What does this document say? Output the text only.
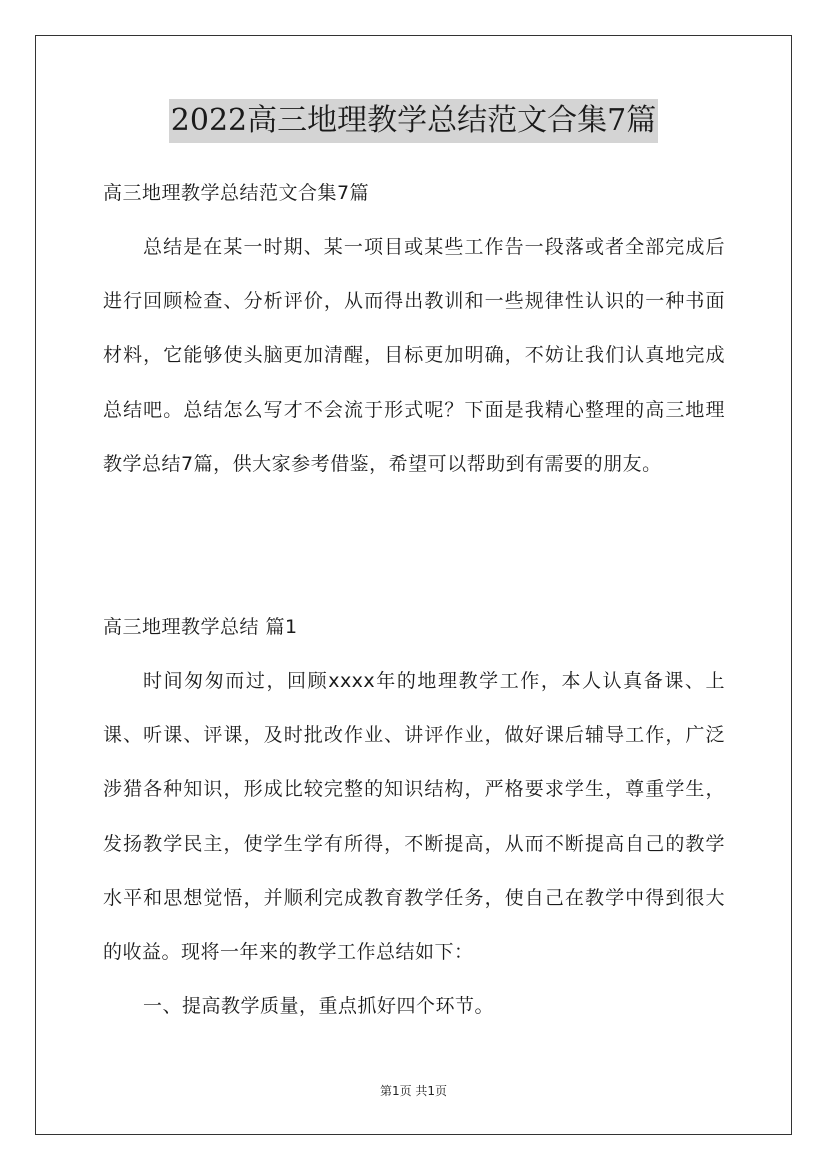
2022高三地理教学总结范文合集7篇

高三地理教学总结范文合集7篇

总结是在某一时期、某一项目或某些工作告一段落或者全部完成后进行回顾检查、分析评价，从而得出教训和一些规律性认识的一种书面材料，它能够使头脑更加清醒，目标更加明确，不妨让我们认真地完成总结吧。总结怎么写才不会流于形式呢？下面是我精心整理的高三地理教学总结7篇，供大家参考借鉴，希望可以帮助到有需要的朋友。

高三地理教学总结 篇1

时间匆匆而过，回顾xxxx年的地理教学工作，本人认真备课、上课、听课、评课，及时批改作业、讲评作业，做好课后辅导工作，广泛涉猎各种知识，形成比较完整的知识结构，严格要求学生，尊重学生，发扬教学民主，使学生学有所得，不断提高，从而不断提高自己的教学水平和思想觉悟，并顺利完成教育教学任务，使自己在教学中得到很大的收益。现将一年来的教学工作总结如下：

一、提高教学质量，重点抓好四个环节。

第1页 共1页
